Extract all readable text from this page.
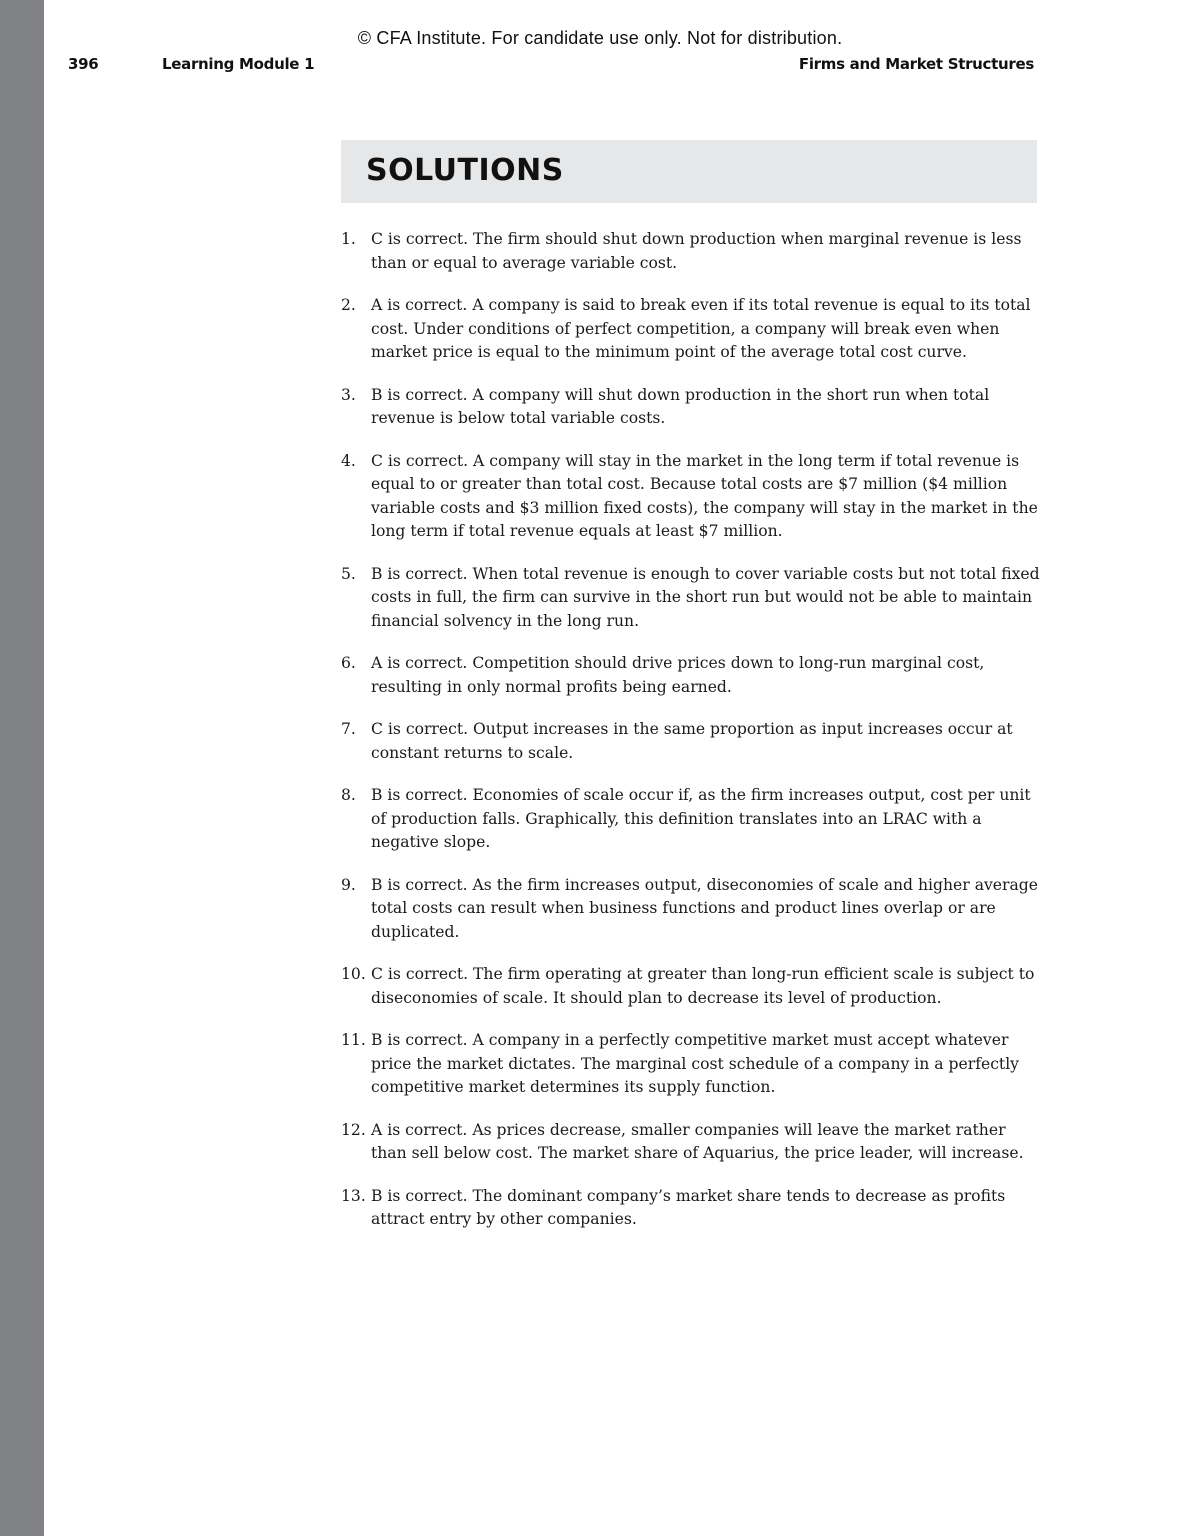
© CFA Institute. For candidate use only. Not for distribution.
396	Learning Module 1	Firms and Market Structures
SOLUTIONS
1. C is correct. The firm should shut down production when marginal revenue is less than or equal to average variable cost.
2. A is correct. A company is said to break even if its total revenue is equal to its total cost. Under conditions of perfect competition, a company will break even when market price is equal to the minimum point of the average total cost curve.
3. B is correct. A company will shut down production in the short run when total revenue is below total variable costs.
4. C is correct. A company will stay in the market in the long term if total revenue is equal to or greater than total cost. Because total costs are $7 million ($4 million variable costs and $3 million fixed costs), the company will stay in the market in the long term if total revenue equals at least $7 million.
5. B is correct. When total revenue is enough to cover variable costs but not total fixed costs in full, the firm can survive in the short run but would not be able to maintain financial solvency in the long run.
6. A is correct. Competition should drive prices down to long-run marginal cost, resulting in only normal profits being earned.
7. C is correct. Output increases in the same proportion as input increases occur at constant returns to scale.
8. B is correct. Economies of scale occur if, as the firm increases output, cost per unit of production falls. Graphically, this definition translates into an LRAC with a negative slope.
9. B is correct. As the firm increases output, diseconomies of scale and higher average total costs can result when business functions and product lines overlap or are duplicated.
10. C is correct. The firm operating at greater than long-run efficient scale is subject to diseconomies of scale. It should plan to decrease its level of production.
11. B is correct. A company in a perfectly competitive market must accept whatever price the market dictates. The marginal cost schedule of a company in a perfectly competitive market determines its supply function.
12. A is correct. As prices decrease, smaller companies will leave the market rather than sell below cost. The market share of Aquarius, the price leader, will increase.
13. B is correct. The dominant company’s market share tends to decrease as profits attract entry by other companies.
